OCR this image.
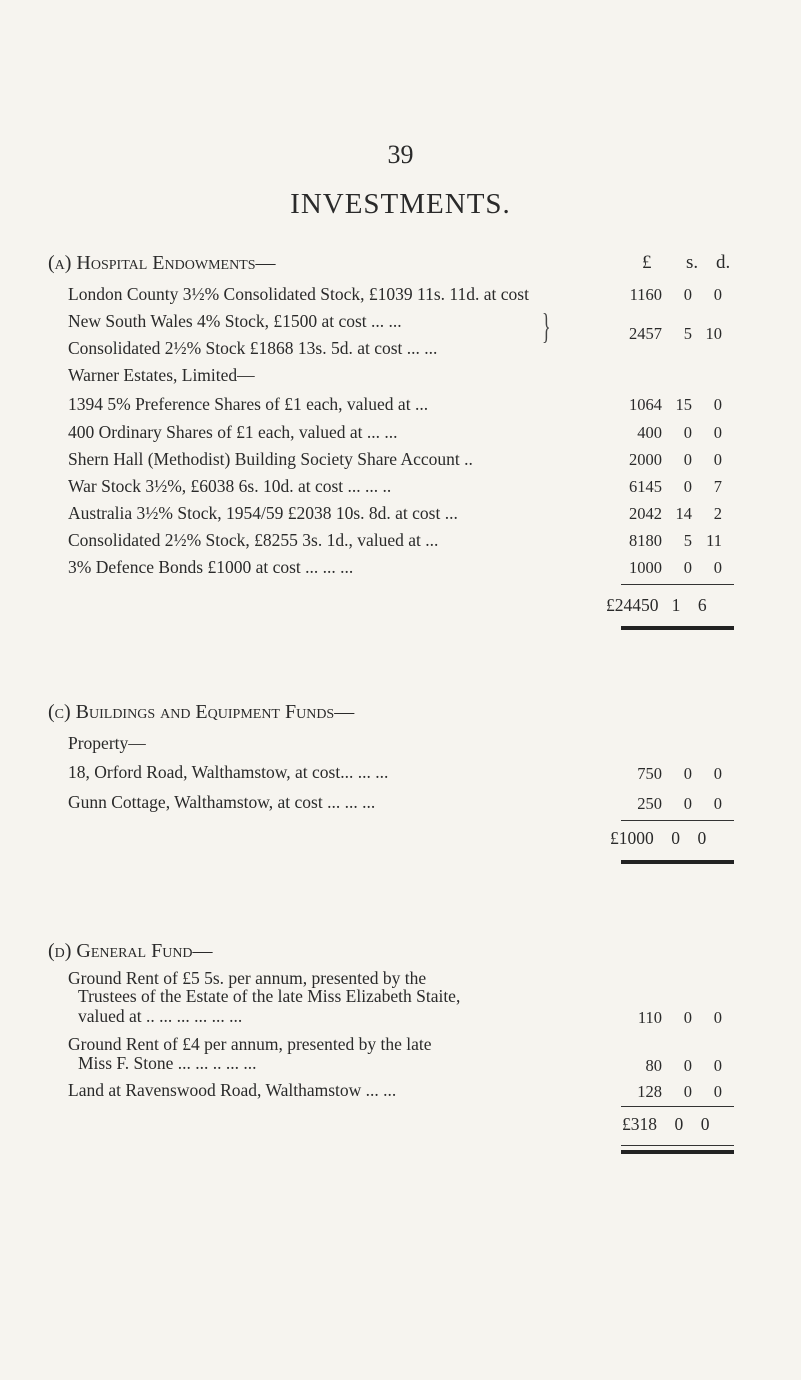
39
INVESTMENTS.
£ s. d.
(a) Hospital Endowments—
London County 3½% Consolidated Stock, £1039 11s. 11d. at cost	1160 0 0
New South Wales 4% Stock, £1500 at cost ... ...
Consolidated 2½% Stock £1868 13s. 5d. at cost ... ...
}	2457 5 10
Warner Estates, Limited—
1394 5% Preference Shares of £1 each, valued at ...	1064 15 0
400 Ordinary Shares of £1 each, valued at ... ...	400 0 0
Shern Hall (Methodist) Building Society Share Account ..	2000 0 0
War Stock 3½%, £6038 6s. 10d. at cost ... ... ..	6145 0 7
Australia 3½% Stock, 1954/59 £2038 10s. 8d. at cost ...	2042 14 2
Consolidated 2½% Stock, £8255 3s. 1d., valued at ...	8180 5 11
3% Defence Bonds £1000 at cost ... ... ...	1000 0 0
£24450 1 6
(c) Buildings and Equipment Funds—
Property—
18, Orford Road, Walthamstow, at cost... ... ...	750 0 0
Gunn Cottage, Walthamstow, at cost ... ... ...	250 0 0
£1000 0 0
(d) General Fund—
Ground Rent of £5 5s. per annum, presented by the
Trustees of the Estate of the late Miss Elizabeth Staite,
valued at .. ... ... ... ... ...	110 0 0
Ground Rent of £4 per annum, presented by the late
Miss F. Stone ... ... .. ... ...	80 0 0
Land at Ravenswood Road, Walthamstow ... ...	128 0 0
£318 0 0
